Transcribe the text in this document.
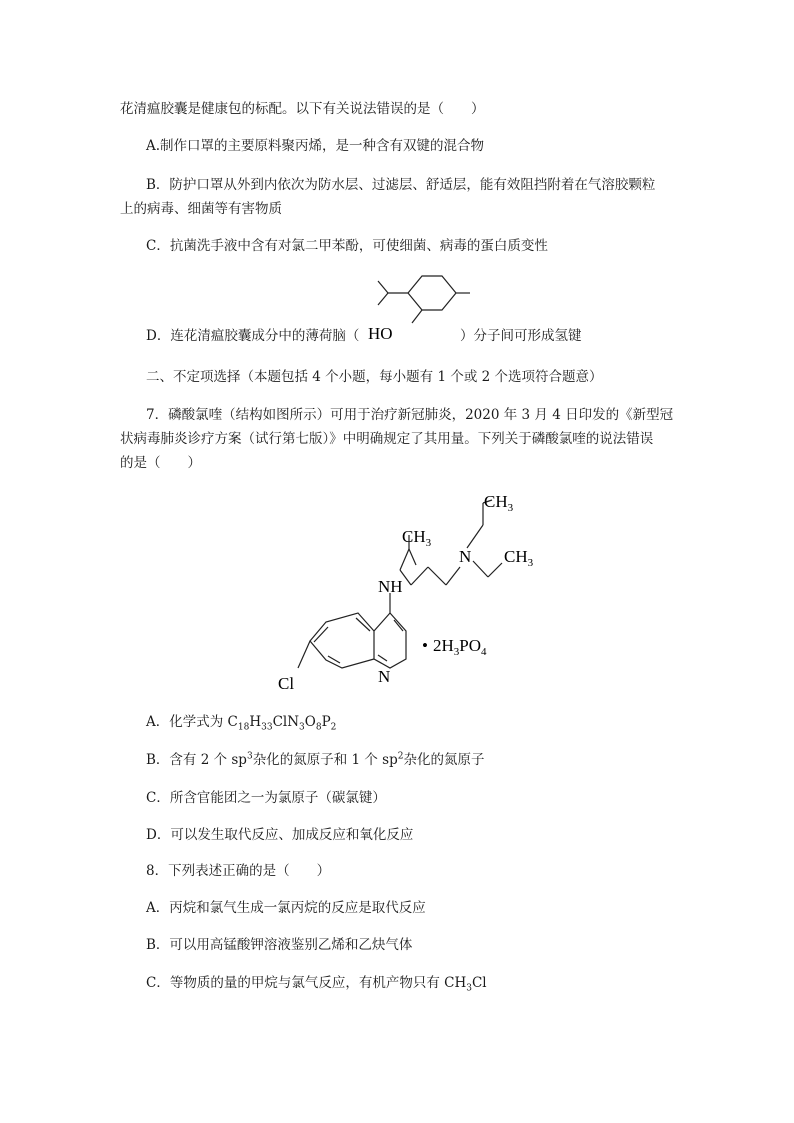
花清瘟胶囊是健康包的标配。以下有关说法错误的是（　　）
A.制作口罩的主要原料聚丙烯，是一种含有双键的混合物
B．防护口罩从外到内依次为防水层、过滤层、舒适层，能有效阻挡附着在气溶胶颗粒
上的病毒、细菌等有害物质
C．抗菌洗手液中含有对氯二甲苯酚，可使细菌、病毒的蛋白质变性
HO
D．连花清瘟胶囊成分中的薄荷脑（	）分子间可形成氢键
二、不定项选择（本题包括 4 个小题，每小题有 1 个或 2 个选项符合题意）
7．磷酸氯喹（结构如图所示）可用于治疗新冠肺炎，2020 年 3 月 4 日印发的《新型冠
状病毒肺炎诊疗方案（试行第七版）》中明确规定了其用量。下列关于磷酸氯喹的说法错误
的是（　　）
$CH_3$
$CH_3$
N $CH_3$
NH
• $2H_3PO_4$
N
Cl
A．化学式为 $C_{18}H_{33}ClN_3O_8P_2$
B．含有 2 个 $sp^3$杂化的氮原子和 1 个 $sp^2$杂化的氮原子
C．所含官能团之一为氯原子（碳氯键）
D．可以发生取代反应、加成反应和氧化反应
8．下列表述正确的是（　　）
A．丙烷和氯气生成一氯丙烷的反应是取代反应
B．可以用高锰酸钾溶液鉴别乙烯和乙炔气体
C．等物质的量的甲烷与氯气反应，有机产物只有 $CH_3Cl$
